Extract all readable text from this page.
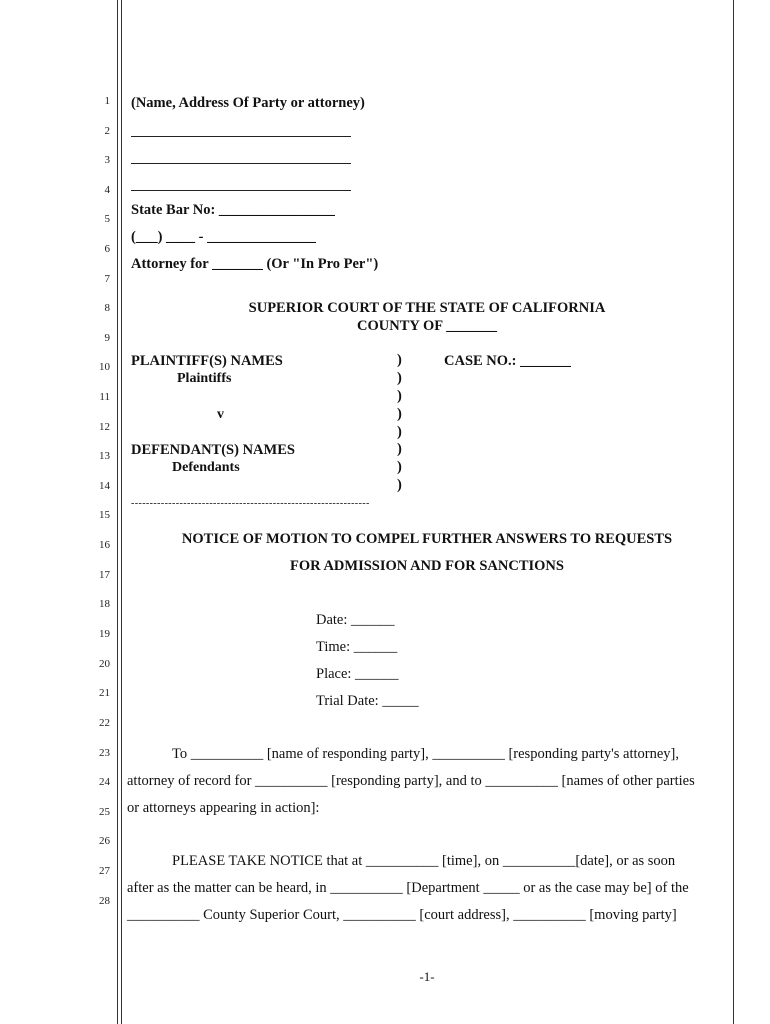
1
2
3
4
5
6
7
8
9
10
11
12
13
14
15
16
17
18
19
20
21
22
23
24
25
26
27
28
(Name, Address Of Party or attorney)
State Bar No: ________________
(___) ____ - _______________
Attorney for _______ (Or "In Pro Per")
SUPERIOR COURT OF THE STATE OF CALIFORNIA
COUNTY OF _______
PLAINTIFF(S) NAMES
Plaintiffs
v
DEFENDANT(S) NAMES
Defendants
CASE NO.: _______
)
)
)
)
)
)
)
)
----------------------------------------------------------------
NOTICE OF MOTION TO COMPEL FURTHER ANSWERS TO REQUESTS
FOR ADMISSION AND FOR SANCTIONS
Date: ______
Time: ______
Place: ______
Trial Date: _____
To __________ [name of responding party], __________ [responding party's attorney],
attorney of record for __________ [responding party], and to __________ [names of other parties
or attorneys appearing in action]:
PLEASE TAKE NOTICE that at __________ [time], on __________[date], or as soon
after as the matter can be heard, in __________ [Department _____ or as the case may be] of the
__________ County Superior Court, __________ [court address], __________ [moving party]
-1-
